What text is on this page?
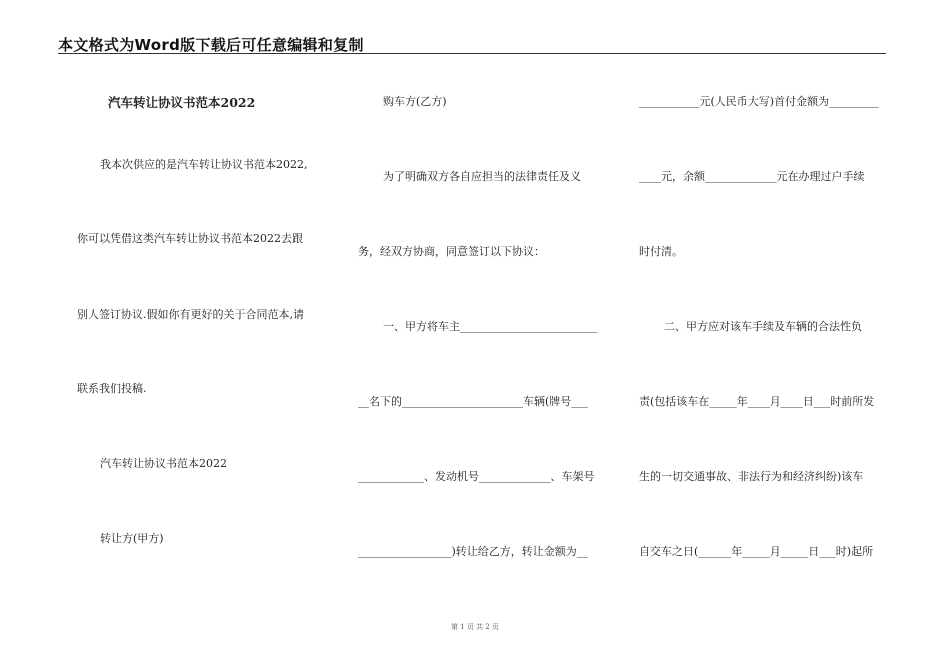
本文格式为Word版下载后可任意编辑和复制
汽车转让协议书范本2022
我本次供应的是汽车转让协议书范本2022,
你可以凭借这类汽车转让协议书范本2022去跟
别人签订协议.假如你有更好的关于合同范本,请
联系我们投稿.
汽车转让协议书范本2022
转让方(甲方)
购车方(乙方)
为了明确双方各自应担当的法律责任及义
务，经双方协商，同意签订以下协议：
一、甲方将车主_________________________
__名下的______________________车辆(牌号___
____________、发动机号_____________、车架号
_________________)转让给乙方，转让金额为__
___________元(人民币大写)首付金额为_________
____元，余额_____________元在办理过户手续
时付清。
二、甲方应对该车手续及车辆的合法性负
责(包括该车在_____年____月____日___时前所发
生的一切交通事故、非法行为和经济纠纷)该车
自交车之日(______年_____月_____日___时)起所
第 1 页 共 2 页
